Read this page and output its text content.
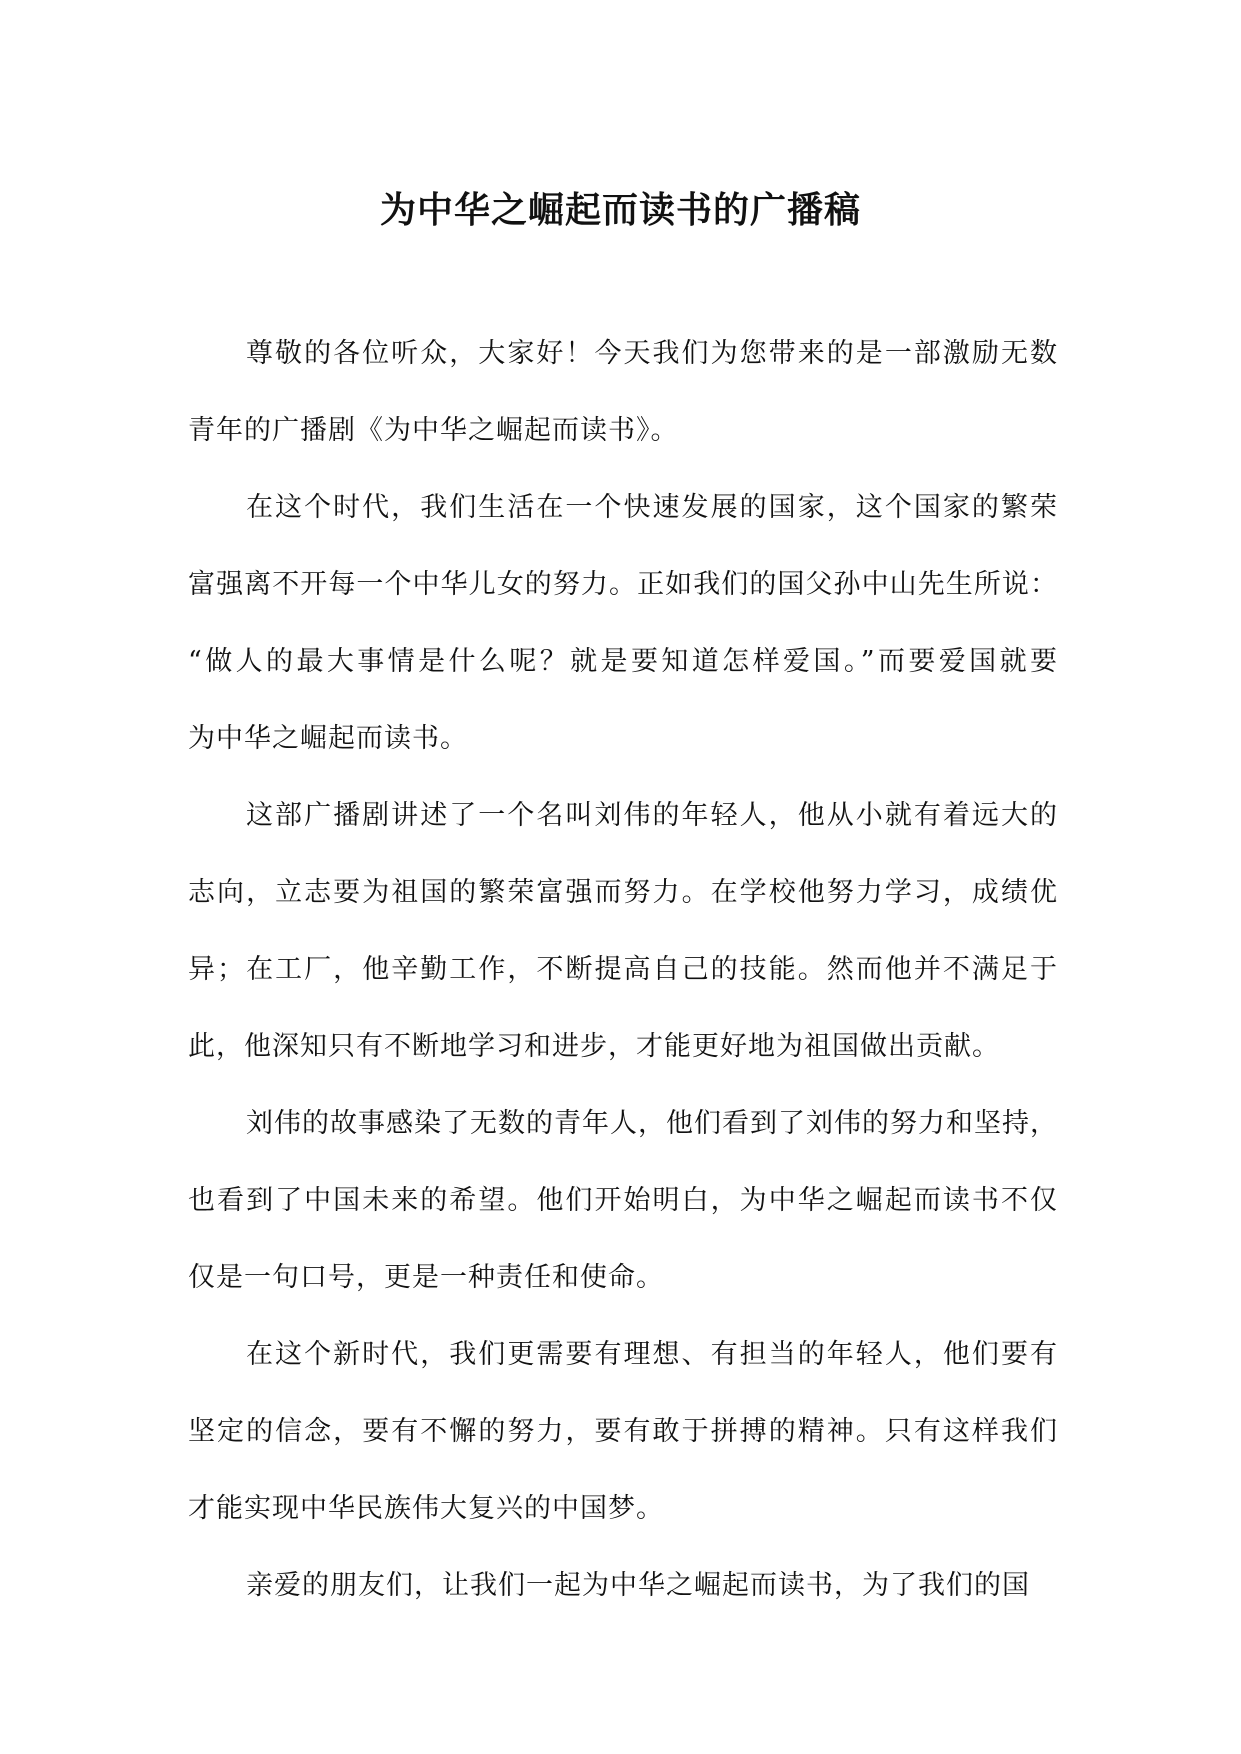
为中华之崛起而读书的广播稿

尊敬的各位听众，大家好！今天我们为您带来的是一部激励无数
青年的广播剧《为中华之崛起而读书》。

在这个时代，我们生活在一个快速发展的国家，这个国家的繁荣
富强离不开每一个中华儿女的努力。正如我们的国父孙中山先生所说：
“做人的最大事情是什么呢？就是要知道怎样爱国。”而要爱国就要
为中华之崛起而读书。

这部广播剧讲述了一个名叫刘伟的年轻人，他从小就有着远大的
志向，立志要为祖国的繁荣富强而努力。在学校他努力学习，成绩优
异；在工厂，他辛勤工作，不断提高自己的技能。然而他并不满足于
此，他深知只有不断地学习和进步，才能更好地为祖国做出贡献。

刘伟的故事感染了无数的青年人，他们看到了刘伟的努力和坚持，
也看到了中国未来的希望。他们开始明白，为中华之崛起而读书不仅
仅是一句口号，更是一种责任和使命。

在这个新时代，我们更需要有理想、有担当的年轻人，他们要有
坚定的信念，要有不懈的努力，要有敢于拼搏的精神。只有这样我们
才能实现中华民族伟大复兴的中国梦。

亲爱的朋友们，让我们一起为中华之崛起而读书，为了我们的国
